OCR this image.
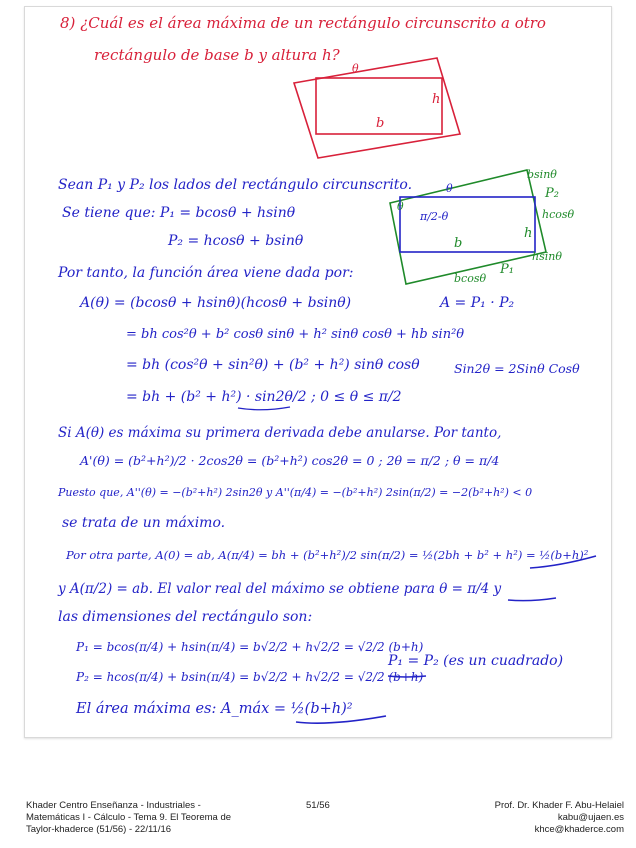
8) ¿Cuál es el área máxima de un rectángulo circunscrito a otro
rectángulo de base b y altura h?
θ
h
b
θ
θ
π/2-θ
bsinθ
P₂
hcosθ
h
hsinθ
b
bcosθ
P₁
Sean P₁ y P₂ los lados del rectángulo circunscrito.
Se tiene que: P₁ = bcosθ + hsinθ
P₂ = hcosθ + bsinθ
Por tanto, la función área viene dada por:
A(θ) = (bcosθ + hsinθ)(hcosθ + bsinθ)	A = P₁ · P₂
= bh cos²θ + b² cosθ sinθ + h² sinθ cosθ + hb sin²θ
= bh (cos²θ + sin²θ) + (b² + h²) sinθ cosθ	Sin2θ = 2Sinθ Cosθ
= bh + (b² + h²) · sin2θ/2 ; 0 ≤ θ ≤ π/2
Si A(θ) es máxima su primera derivada debe anularse. Por tanto,
A'(θ) = (b²+h²)/2 · 2cos2θ = (b²+h²) cos2θ = 0 ; 2θ = π/2 ; θ = π/4
Puesto que, A''(θ) = −(b²+h²) 2sin2θ y A''(π/4) = −(b²+h²) 2sin(π/2) = −2(b²+h²) < 0
se trata de un máximo.
Por otra parte, A(0) = ab, A(π/4) = bh + (b²+h²)/2 sin(π/2) = ½(2bh + b² + h²) = ½(b+h)²
y A(π/2) = ab. El valor real del máximo se obtiene para θ = π/4 y
las dimensiones del rectángulo son:
P₁ = bcos(π/4) + hsin(π/4) = b√2/2 + h√2/2 = √2/2 (b+h)
P₁ = P₂ (es un cuadrado)
P₂ = hcos(π/4) + bsin(π/4) = b√2/2 + h√2/2 = √2/2 (b+h)
El área máxima es: A_máx = ½(b+h)²
Khader Centro Enseñanza - Industriales -
Matemáticas I - Cálculo - Tema 9. El Teorema de
Taylor-khaderce (51/56) - 22/11/16
51/56	Prof. Dr. Khader F. Abu-Helaiel
kabu@ujaen.es
khce@khaderce.com
